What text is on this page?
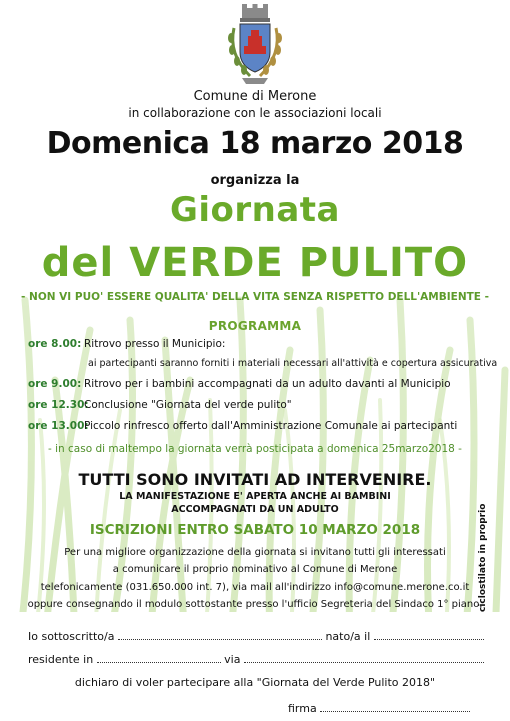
Comune di Merone
in collaborazione con le associazioni locali
Domenica 18 marzo 2018
organizza la
Giornata
del VERDE PULITO
- NON VI PUO' ESSERE QUALITA' DELLA VITA SENZA RISPETTO DELL'AMBIENTE -
PROGRAMMA
ore 8.00: Ritrovo presso il Municipio:
ai partecipanti saranno forniti i materiali necessari all'attività e copertura assicurativa
ore 9.00: Ritrovo per i bambini accompagnati da un adulto davanti al Municipio
ore 12.30:Conclusione "Giornata del verde pulito"
ore 13.00:Piccolo rinfresco offerto dall'Amministrazione Comunale ai partecipanti
- in caso di maltempo la giornata verrà posticipata a domenica 25marzo2018 -
TUTTI SONO INVITATI AD INTERVENIRE.
LA MANIFESTAZIONE E' APERTA ANCHE AI BAMBINI
ACCOMPAGNATI DA UN ADULTO
ISCRIZIONI ENTRO SABATO 10 MARZO 2018
Per una migliore organizzazione della giornata si invitano tutti gli interessati
a comunicare il proprio nominativo al Comune di Merone
telefonicamente (031.650.000 int. 7), via mail all'indirizzo info@comune.merone.co.it
oppure consegnando il modulo sottostante presso l'ufficio Segreteria del Sindaco 1° piano.
ciclostilato in proprio
Io sottoscritto/a	nato/a il
residente in	via
dichiaro di voler partecipare alla "Giornata del Verde Pulito 2018"
firma
